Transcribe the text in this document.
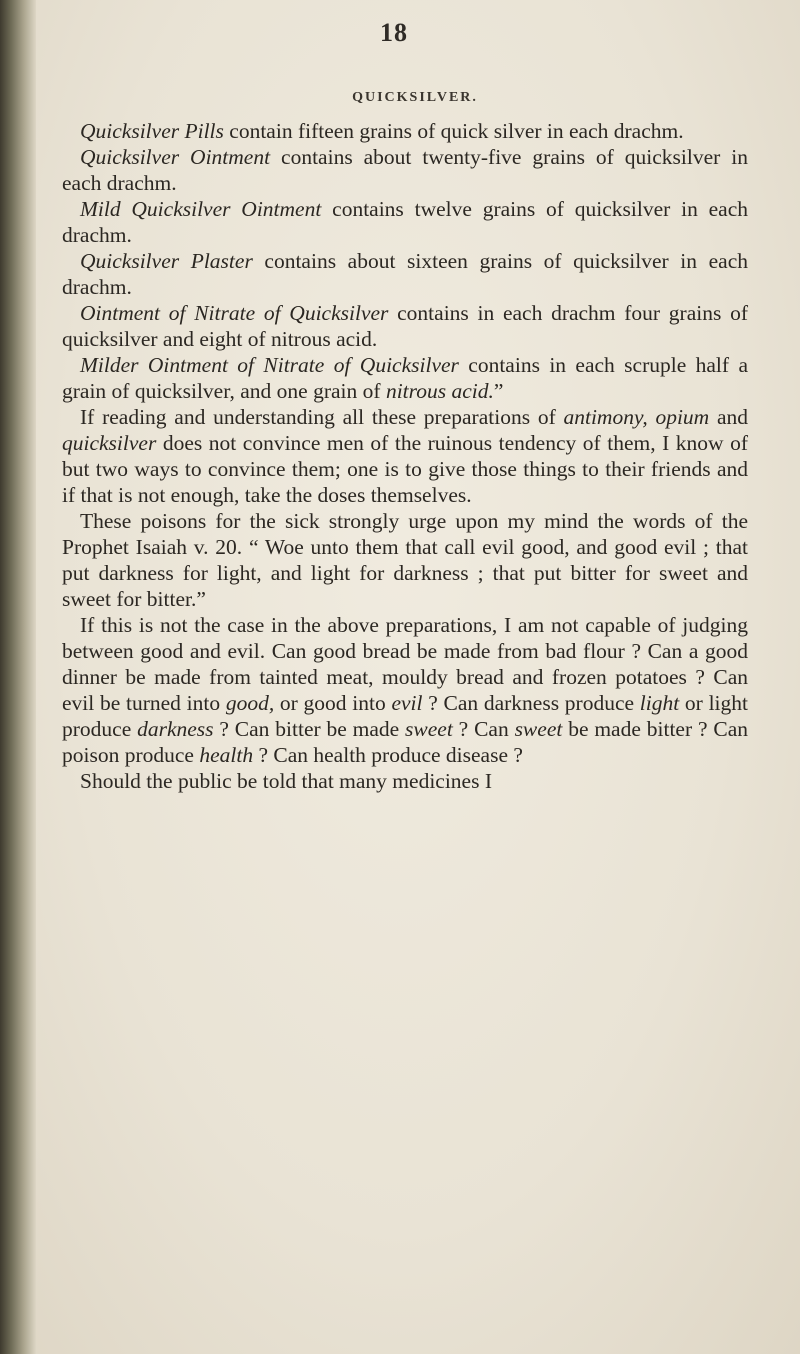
18
QUICKSILVER.

Quicksilver Pills contain fifteen grains of quick silver in each drachm.

Quicksilver Ointment contains about twenty-five grains of quicksilver in each drachm.

Mild Quicksilver Ointment contains twelve grains of quicksilver in each drachm.

Quicksilver Plaster contains about sixteen grains of quicksilver in each drachm.

Ointment of Nitrate of Quicksilver contains in each drachm four grains of quicksilver and eight of nitrous acid.

Milder Ointment of Nitrate of Quicksilver contains in each scruple half a grain of quicksilver, and one grain of nitrous acid.”

If reading and understanding all these preparations of antimony, opium and quicksilver does not convince men of the ruinous tendency of them, I know of but two ways to convince them; one is to give those things to their friends and if that is not enough, take the doses themselves.

These poisons for the sick strongly urge upon my mind the words of the Prophet Isaiah v. 20. “ Woe unto them that call evil good, and good evil ; that put darkness for light, and light for darkness ; that put bitter for sweet and sweet for bitter.”

If this is not the case in the above preparations, I am not capable of judging between good and evil. Can good bread be made from bad flour ? Can a good dinner be made from tainted meat, mouldy bread and frozen potatoes ? Can evil be turned into good, or good into evil ? Can darkness produce light or light produce darkness ? Can bitter be made sweet ? Can sweet be made bitter ? Can poison produce health ? Can health produce disease ?

Should the public be told that many medicines I
